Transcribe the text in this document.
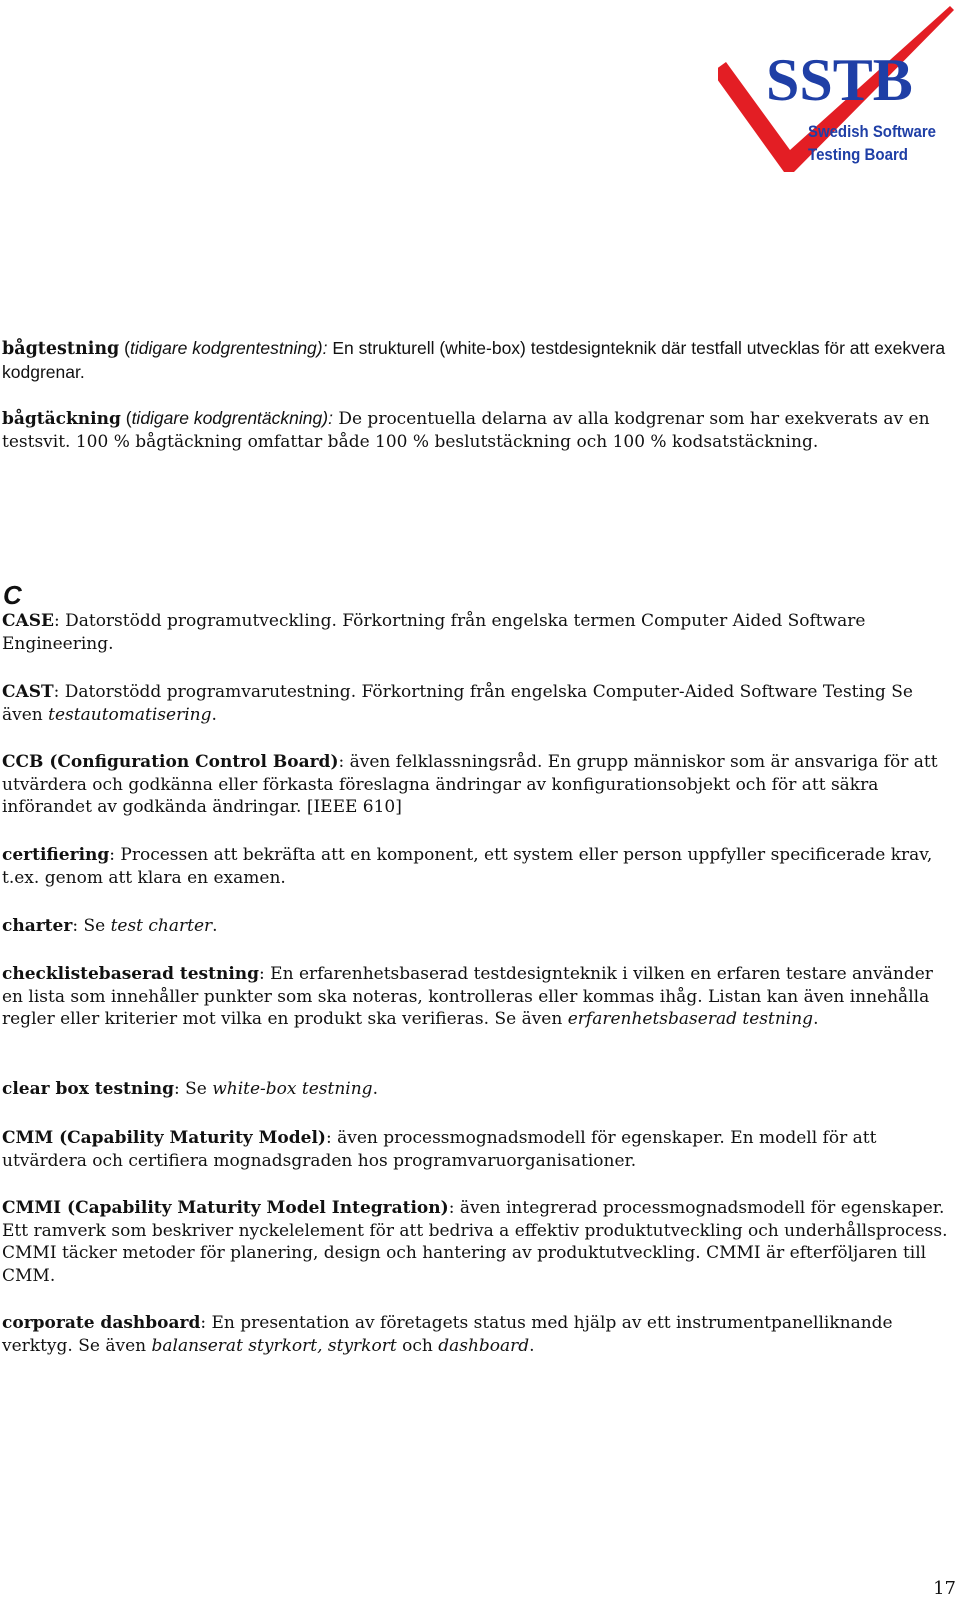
SSTB
Swedish Software
Testing Board

bågtestning (tidigare kodgrentestning): En strukturell (white-box) testdesignteknik där testfall utvecklas för att exekvera kodgrenar.

bågtäckning (tidigare kodgrentäckning): De procentuella delarna av alla kodgrenar som har exekverats av en testsvit. 100 % bågtäckning omfattar både 100 % beslutstäckning och 100 % kodsatstäckning.

C

CASE: Datorstödd programutveckling. Förkortning från engelska termen Computer Aided Software Engineering.

CAST: Datorstödd programvarutestning. Förkortning från engelska Computer-Aided Software Testing Se även testautomatisering.

CCB (Configuration Control Board): även felklassningsråd. En grupp människor som är ansvariga för att utvärdera och godkänna eller förkasta föreslagna ändringar av konfigurationsobjekt och för att säkra införandet av godkända ändringar. [IEEE 610]

certifiering: Processen att bekräfta att en komponent, ett system eller person uppfyller specificerade krav, t.ex. genom att klara en examen.

charter: Se test charter.

checklistebaserad testning: En erfarenhetsbaserad testdesignteknik i vilken en erfaren testare använder en lista som innehåller punkter som ska noteras, kontrolleras eller kommas ihåg. Listan kan även innehålla regler eller kriterier mot vilka en produkt ska verifieras. Se även erfarenhetsbaserad testning.

clear box testning: Se white-box testning.

CMM (Capability Maturity Model): även processmognadsmodell för egenskaper. En modell för att utvärdera och certifiera mognadsgraden hos programvaruorganisationer.

CMMI (Capability Maturity Model Integration): även integrerad processmognadsmodell för egenskaper. Ett ramverk som beskriver nyckelelement för att bedriva a effektiv produktutveckling och underhållsprocess. CMMI täcker metoder för planering, design och hantering av produktutveckling. CMMI är efterföljaren till CMM.

corporate dashboard: En presentation av företagets status med hjälp av ett instrumentpanelliknande verktyg. Se även balanserat styrkort, styrkort och dashboard.

17
